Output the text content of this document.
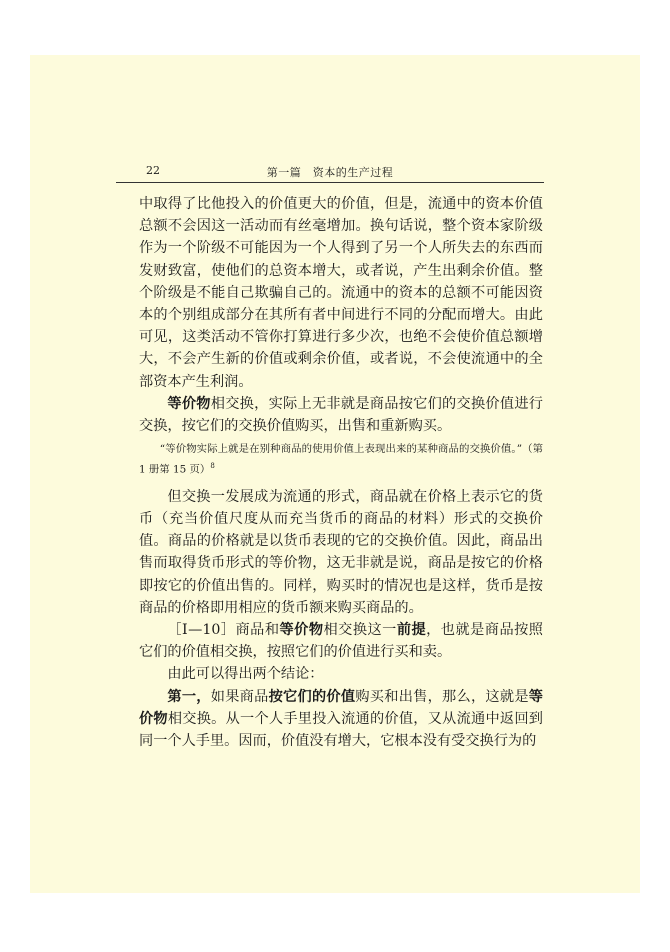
22	第一篇　资本的生产过程

中取得了比他投入的价值更大的价值，但是，流通中的资本价值总额不会因这一活动而有丝毫增加。换句话说，整个资本家阶级作为一个阶级不可能因为一个人得到了另一个人所失去的东西而发财致富，使他们的总资本增大，或者说，产生出剩余价值。整个阶级是不能自己欺骗自己的。流通中的资本的总额不可能因资本的个别组成部分在其所有者中间进行不同的分配而增大。由此可见，这类活动不管你打算进行多少次，也绝不会使价值总额增大，不会产生新的价值或剩余价值，或者说，不会使流通中的全部资本产生利润。

等价物相交换，实际上无非就是商品按它们的交换价值进行交换，按它们的交换价值购买，出售和重新购买。

“等价物实际上就是在别种商品的使用价值上表现出来的某种商品的交换价值。”（第 1 册第 15 页）$^8$

但交换一发展成为流通的形式，商品就在价格上表示它的货币（充当价值尺度从而充当货币的商品的材料）形式的交换价值。商品的价格就是以货币表现的它的交换价值。因此，商品出售而取得货币形式的等价物，这无非就是说，商品是按它的价格即按它的价值出售的。同样，购买时的情况也是这样，货币是按商品的价格即用相应的货币额来购买商品的。

［Ⅰ—10］商品和等价物相交换这一前提，也就是商品按照它们的价值相交换，按照它们的价值进行买和卖。

由此可以得出两个结论：

第一，如果商品按它们的价值购买和出售，那么，这就是等价物相交换。从一个人手里投入流通的价值，又从流通中返回到同一个人手里。因而，价值没有增大，它根本没有受交换行为的
